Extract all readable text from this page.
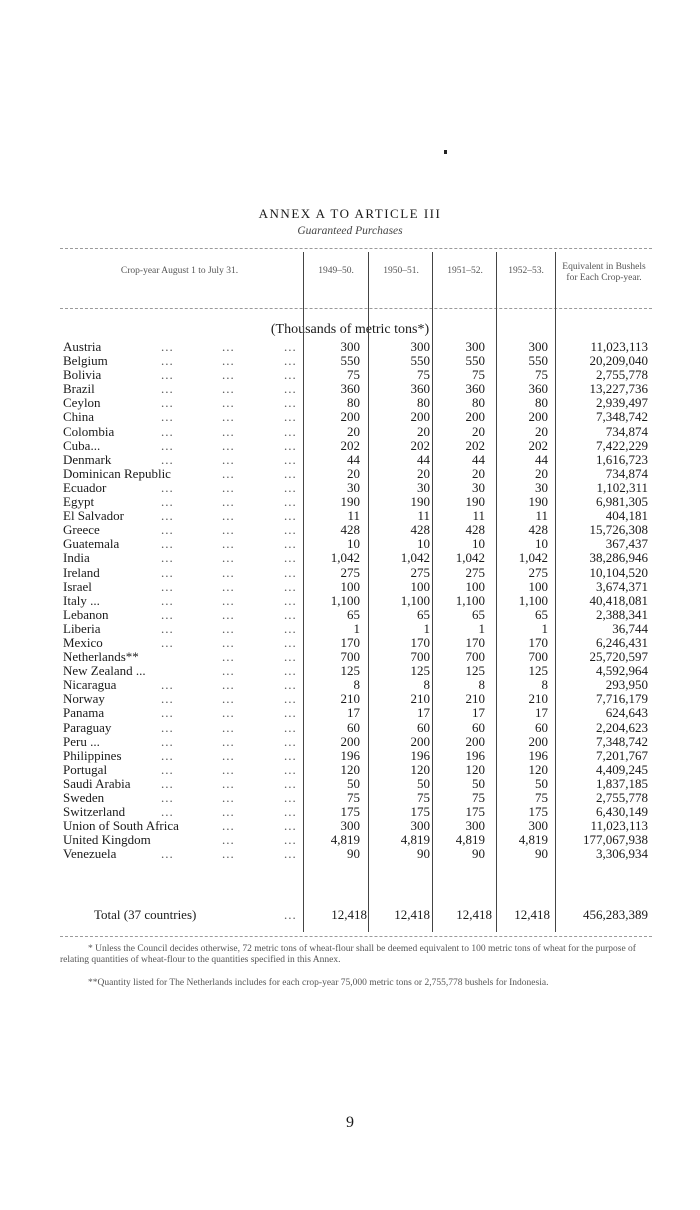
ANNEX A TO ARTICLE III
Guaranteed Purchases
Crop-year August 1 to July 31.	1949–50.	1950–51.	1951–52.	1952–53.	Equivalent in Bushels for Each Crop-year.
(Thousands of metric tons*)
Austria	...	...	...	300	300	300	300	11,023,113
Belgium	...	...	...	550	550	550	550	20,209,040
Bolivia	...	...	...	75	75	75	75	2,755,778
Brazil	...	...	...	360	360	360	360	13,227,736
Ceylon	...	...	...	80	80	80	80	2,939,497
China	...	...	...	200	200	200	200	7,348,742
Colombia	...	...	...	20	20	20	20	734,874
Cuba...	...	...	...	202	202	202	202	7,422,229
Denmark	...	...	...	44	44	44	44	1,616,723
Dominican Republic	...	...	20	20	20	20	734,874
Ecuador	...	...	...	30	30	30	30	1,102,311
Egypt	...	...	...	190	190	190	190	6,981,305
El Salvador	...	...	...	11	11	11	11	404,181
Greece	...	...	...	428	428	428	428	15,726,308
Guatemala	...	...	...	10	10	10	10	367,437
India	...	...	...	1,042	1,042 1,042	1,042	38,286,946
Ireland	...	...	...	275	275	275	275	10,104,520
Israel	...	...	...	100	100	100	100	3,674,371
Italy ...	...	...	...	1,100	1,100 1,100	1,100	40,418,081
Lebanon	...	...	...	65	65	65	65	2,388,341
Liberia	...	...	...	1	1	1	1	36,744
Mexico	...	...	...	170	170	170	170	6,246,431
Netherlands**	...	...	700	700	700	700	25,720,597
New Zealand ...	...	...	125	125	125	125	4,592,964
Nicaragua	...	...	...	8	8	8	8	293,950
Norway	...	...	...	210	210	210	210	7,716,179
Panama	...	...	...	17	17	17	17	624,643
Paraguay	...	...	...	60	60	60	60	2,204,623
Peru ...	...	...	...	200	200	200	200	7,348,742
Philippines	...	...	...	196	196	196	196	7,201,767
Portugal	...	...	...	120	120	120	120	4,409,245
Saudi Arabia ...	...	...	50	50	50	50	1,837,185
Sweden	...	...	...	75	75	75	75	2,755,778
Switzerland	...	...	...	175	175	175	175	6,430,149
Union of South Africa	...	...	300	300	300	300	11,023,113
United Kingdom	...	...	4,819	4,819 4,819	4,819	177,067,938
Venezuela	...	...	...	90	90	90	90	3,306,934
Total (37 countries)	...	12,418 12,418 12,418 12,418	456,283,389
* Unless the Council decides otherwise, 72 metric tons of wheat-flour shall be deemed equivalent to 100 metric tons of wheat for the purpose of relating quantities of wheat-flour to the quantities specified in this Annex.
**Quantity listed for The Netherlands includes for each crop-year 75,000 metric tons or 2,755,778 bushels for Indonesia.
9
